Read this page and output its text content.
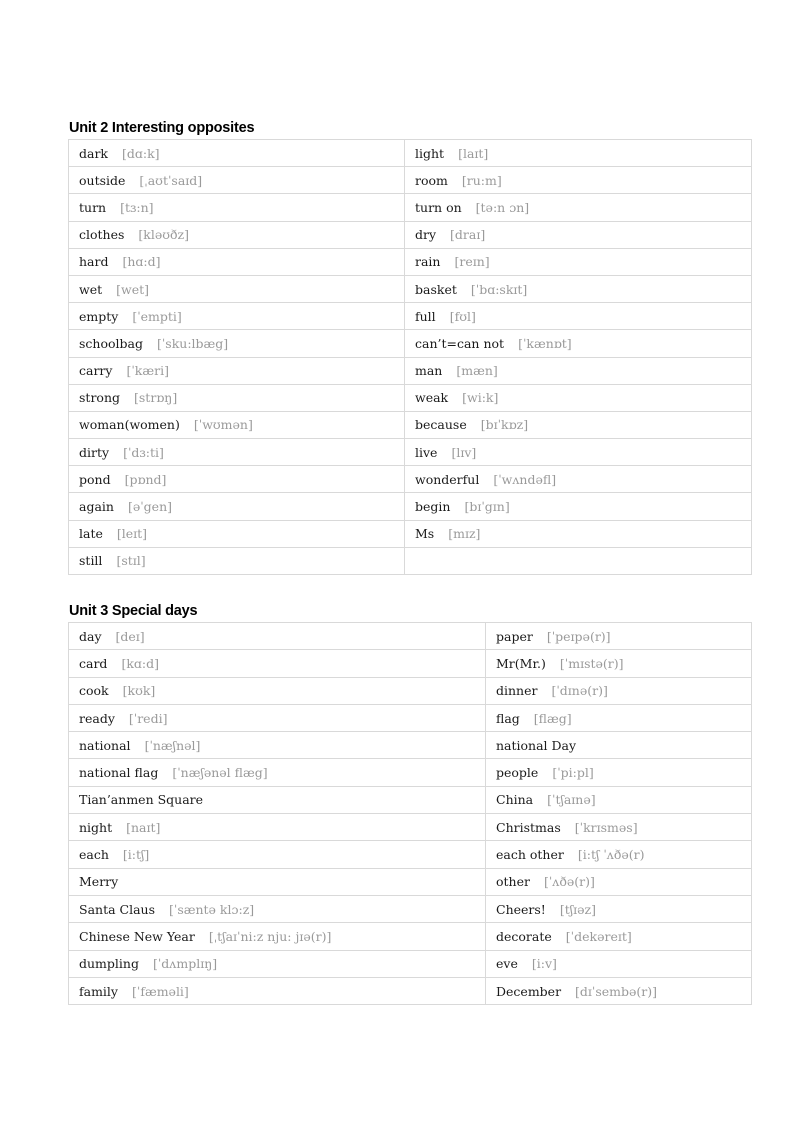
Unit 2 Interesting opposites
dark [dɑ:k]	light [laɪt]
outside [ˌaʊtˈsaɪd]	room [ru:m]
turn [tɜ:n]	turn on [tə:n ɔn]
clothes [kləʊðz]	dry [draɪ]
hard [hɑ:d]	rain [reɪn]
wet [wet]	basket [ˈbɑ:skɪt]
empty [ˈempti]	full [fʊl]
schoolbag [ˈsku:lbæg]	can’t=can not [ˈkænɒt]
carry [ˈkæri]	man [mæn]
strong [strɒŋ]	weak [wi:k]
woman(women) [ˈwʊmən]	because [bɪˈkɒz]
dirty [ˈdɜ:ti]	live [lɪv]
pond [pɒnd]	wonderful [ˈwʌndəfl]
again [əˈgen]	begin [bɪˈgɪn]
late [leɪt]	Ms [mɪz]
still [stɪl]	
Unit 3 Special days
day [deɪ]	paper [ˈpeɪpə(r)]
card [kɑ:d]	Mr(Mr.) [ˈmɪstə(r)]
cook [kʊk]	dinner [ˈdɪnə(r)]
ready [ˈredi]	flag [flæg]
national [ˈnæʃnəl]	national Day
national flag [ˈnæʃənəl flæg]	people [ˈpi:pl]
Tian’anmen Square	China [ˈtʃaɪnə]
night [naɪt]	Christmas [ˈkrɪsməs]
each [i:tʃ]	each other [i:tʃ ˈʌðə(r)
Merry	other [ˈʌðə(r)]
Santa Claus [ˈsæntə klɔ:z]	Cheers! [tʃɪəz]
Chinese New Year [ˌtʃaɪˈni:z nju: jɪə(r)]	decorate [ˈdekəreɪt]
dumpling [ˈdʌmplɪŋ]	eve [i:v]
family [ˈfæməli]	December [dɪˈsembə(r)]
